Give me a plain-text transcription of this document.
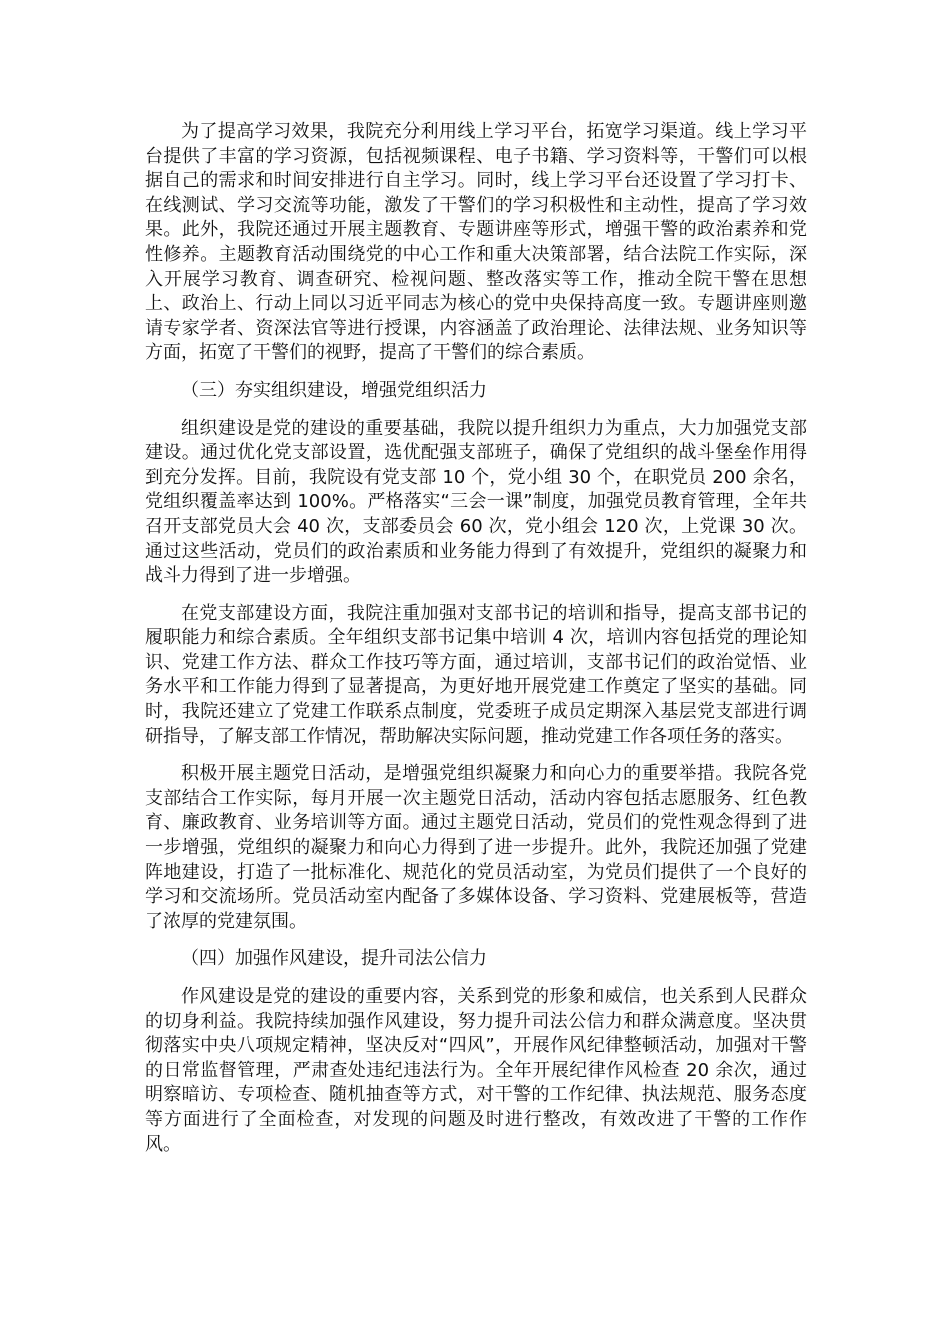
为了提高学习效果，我院充分利用线上学习平台，拓宽学习渠道。线上学习平台提供了丰富的学习资源，包括视频课程、电子书籍、学习资料等，干警们可以根据自己的需求和时间安排进行自主学习。同时，线上学习平台还设置了学习打卡、在线测试、学习交流等功能，激发了干警们的学习积极性和主动性，提高了学习效果。此外，我院还通过开展主题教育、专题讲座等形式，增强干警的政治素养和党性修养。主题教育活动围绕党的中心工作和重大决策部署，结合法院工作实际，深入开展学习教育、调查研究、检视问题、整改落实等工作，推动全院干警在思想上、政治上、行动上同以习近平同志为核心的党中央保持高度一致。专题讲座则邀请专家学者、资深法官等进行授课，内容涵盖了政治理论、法律法规、业务知识等方面，拓宽了干警们的视野，提高了干警们的综合素质。

（三）夯实组织建设，增强党组织活力

组织建设是党的建设的重要基础，我院以提升组织力为重点，大力加强党支部建设。通过优化党支部设置，选优配强支部班子，确保了党组织的战斗堡垒作用得到充分发挥。目前，我院设有党支部 10 个，党小组 30 个，在职党员 200 余名，党组织覆盖率达到 100%。严格落实“三会一课”制度，加强党员教育管理，全年共召开支部党员大会 40 次，支部委员会 60 次，党小组会 120 次，上党课 30 次。通过这些活动，党员们的政治素质和业务能力得到了有效提升，党组织的凝聚力和战斗力得到了进一步增强。

在党支部建设方面，我院注重加强对支部书记的培训和指导，提高支部书记的履职能力和综合素质。全年组织支部书记集中培训 4 次，培训内容包括党的理论知识、党建工作方法、群众工作技巧等方面，通过培训，支部书记们的政治觉悟、业务水平和工作能力得到了显著提高，为更好地开展党建工作奠定了坚实的基础。同时，我院还建立了党建工作联系点制度，党委班子成员定期深入基层党支部进行调研指导，了解支部工作情况，帮助解决实际问题，推动党建工作各项任务的落实。

积极开展主题党日活动，是增强党组织凝聚力和向心力的重要举措。我院各党支部结合工作实际，每月开展一次主题党日活动，活动内容包括志愿服务、红色教育、廉政教育、业务培训等方面。通过主题党日活动，党员们的党性观念得到了进一步增强，党组织的凝聚力和向心力得到了进一步提升。此外，我院还加强了党建阵地建设，打造了一批标准化、规范化的党员活动室，为党员们提供了一个良好的学习和交流场所。党员活动室内配备了多媒体设备、学习资料、党建展板等，营造了浓厚的党建氛围。

（四）加强作风建设，提升司法公信力

作风建设是党的建设的重要内容，关系到党的形象和威信，也关系到人民群众的切身利益。我院持续加强作风建设，努力提升司法公信力和群众满意度。坚决贯彻落实中央八项规定精神，坚决反对“四风”，开展作风纪律整顿活动，加强对干警的日常监督管理，严肃查处违纪违法行为。全年开展纪律作风检查 20 余次，通过明察暗访、专项检查、随机抽查等方式，对干警的工作纪律、执法规范、服务态度等方面进行了全面检查，对发现的问题及时进行整改，有效改进了干警的工作作风。
